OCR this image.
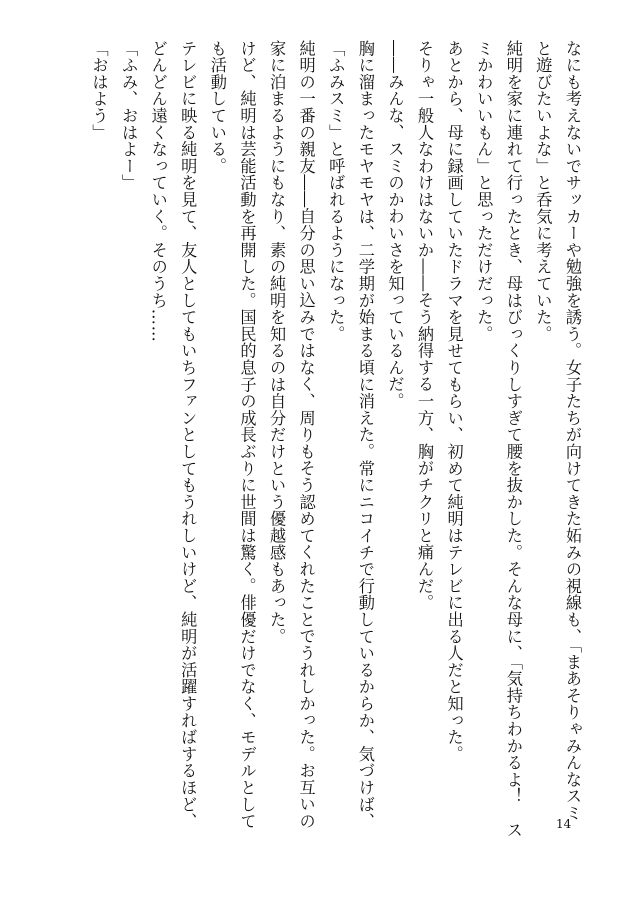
なにも考えないでサッカーや勉強を誘う。女子たちが向けてきた妬みの視線も、「まあそりゃみんなスミ
と遊びたいよな」と呑気に考えていた。
純明を家に連れて行ったとき、母はびっくりしすぎて腰を抜かした。そんな母に、「気持ちわかるよ！　ス
ミかわいいもん」と思っただけだった。
あとから、母に録画していたドラマを見せてもらい、初めて純明はテレビに出る人だと知った。
そりゃ一般人なわけはないか――そう納得する一方、胸がチクリと痛んだ。
――みんな、スミのかわいさを知っているんだ。
胸に溜まったモヤモヤは、二学期が始まる頃に消えた。常にニコイチで行動しているからか、気づけば、
「ふみスミ」と呼ばれるようになった。
純明の一番の親友――自分の思い込みではなく、周りもそう認めてくれたことでうれしかった。お互いの
家に泊まるようにもなり、素の純明を知るのは自分だけという優越感もあった。
けど、純明は芸能活動を再開した。国民的息子の成長ぶりに世間は驚く。俳優だけでなく、モデルとして
も活動している。
テレビに映る純明を見て、友人としてもいちファンとしてもうれしいけど、純明が活躍すればするほど、
どんどん遠くなっていく。そのうち……
「ふみ、おはよー」
「おはよう」
14
